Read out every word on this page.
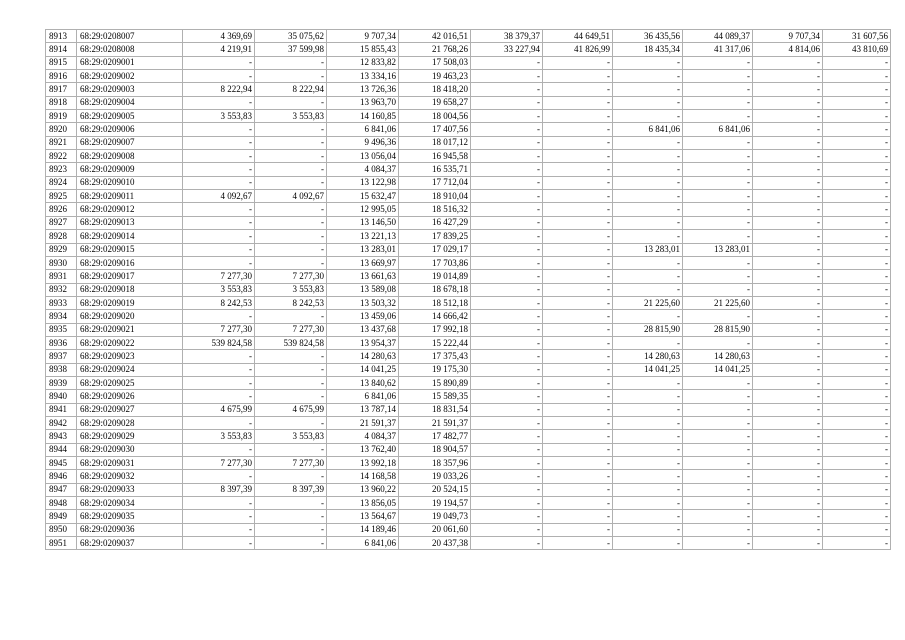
8913	68:29:0208007	4 369,69	35 075,62	9 707,34	42 016,51	38 379,37	44 649,51	36 435,56	44 089,37	9 707,34	31 607,56
8914	68:29:0208008	4 219,91	37 599,98	15 855,43	21 768,26	33 227,94	41 826,99	18 435,34	41 317,06	4 814,06	43 810,69
8915	68:29:0209001	-	-	12 833,82	17 508,03	-	-	-	-	-	-
8916	68:29:0209002	-	-	13 334,16	19 463,23	-	-	-	-	-	-
8917	68:29:0209003	8 222,94	8 222,94	13 726,36	18 418,20	-	-	-	-	-	-
8918	68:29:0209004	-	-	13 963,70	19 658,27	-	-	-	-	-	-
8919	68:29:0209005	3 553,83	3 553,83	14 160,85	18 004,56	-	-	-	-	-	-
8920	68:29:0209006	-	-	6 841,06	17 407,56	-	-	6 841,06	6 841,06	-	-
8921	68:29:0209007	-	-	9 496,36	18 017,12	-	-	-	-	-	-
8922	68:29:0209008	-	-	13 056,04	16 945,58	-	-	-	-	-	-
8923	68:29:0209009	-	-	4 084,37	16 535,71	-	-	-	-	-	-
8924	68:29:0209010	-	-	13 122,98	17 712,04	-	-	-	-	-	-
8925	68:29:0209011	4 092,67	4 092,67	15 632,47	18 910,04	-	-	-	-	-	-
8926	68:29:0209012	-	-	12 995,05	18 516,32	-	-	-	-	-	-
8927	68:29:0209013	-	-	13 146,50	16 427,29	-	-	-	-	-	-
8928	68:29:0209014	-	-	13 221,13	17 839,25	-	-	-	-	-	-
8929	68:29:0209015	-	-	13 283,01	17 029,17	-	-	13 283,01	13 283,01	-	-
8930	68:29:0209016	-	-	13 669,97	17 703,86	-	-	-	-	-	-
8931	68:29:0209017	7 277,30	7 277,30	13 661,63	19 014,89	-	-	-	-	-	-
8932	68:29:0209018	3 553,83	3 553,83	13 589,08	18 678,18	-	-	-	-	-	-
8933	68:29:0209019	8 242,53	8 242,53	13 503,32	18 512,18	-	-	21 225,60	21 225,60	-	-
8934	68:29:0209020	-	-	13 459,06	14 666,42	-	-	-	-	-	-
8935	68:29:0209021	7 277,30	7 277,30	13 437,68	17 992,18	-	-	28 815,90	28 815,90	-	-
8936	68:29:0209022	539 824,58	539 824,58	13 954,37	15 222,44	-	-	-	-	-	-
8937	68:29:0209023	-	-	14 280,63	17 375,43	-	-	14 280,63	14 280,63	-	-
8938	68:29:0209024	-	-	14 041,25	19 175,30	-	-	14 041,25	14 041,25	-	-
8939	68:29:0209025	-	-	13 840,62	15 890,89	-	-	-	-	-	-
8940	68:29:0209026	-	-	6 841,06	15 589,35	-	-	-	-	-	-
8941	68:29:0209027	4 675,99	4 675,99	13 787,14	18 831,54	-	-	-	-	-	-
8942	68:29:0209028	-	-	21 591,37	21 591,37	-	-	-	-	-	-
8943	68:29:0209029	3 553,83	3 553,83	4 084,37	17 482,77	-	-	-	-	-	-
8944	68:29:0209030	-	-	13 762,40	18 904,57	-	-	-	-	-	-
8945	68:29:0209031	7 277,30	7 277,30	13 992,18	18 357,96	-	-	-	-	-	-
8946	68:29:0209032	-	-	14 168,58	19 033,26	-	-	-	-	-	-
8947	68:29:0209033	8 397,39	8 397,39	13 960,22	20 524,15	-	-	-	-	-	-
8948	68:29:0209034	-	-	13 856,05	19 194,57	-	-	-	-	-	-
8949	68:29:0209035	-	-	13 564,67	19 049,73	-	-	-	-	-	-
8950	68:29:0209036	-	-	14 189,46	20 061,60	-	-	-	-	-	-
8951	68:29:0209037	-	-	6 841,06	20 437,38	-	-	-	-	-	-
